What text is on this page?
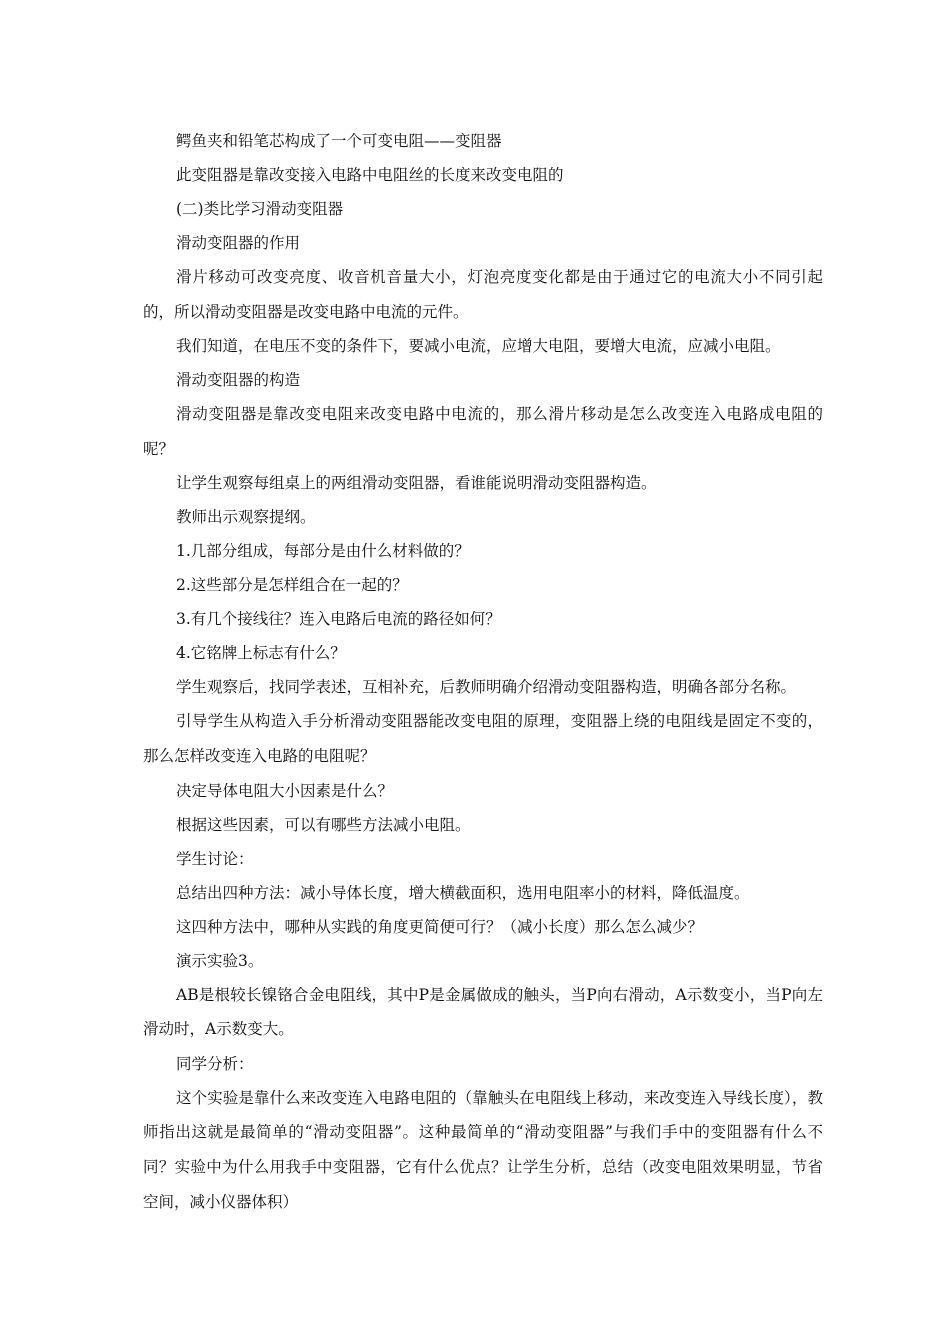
鳄鱼夹和铅笔芯构成了一个可变电阻——变阻器

此变阻器是靠改变接入电路中电阻丝的长度来改变电阻的

(二)类比学习滑动变阻器

滑动变阻器的作用

滑片移动可改变亮度、收音机音量大小，灯泡亮度变化都是由于通过它的电流大小不同引起的，所以滑动变阻器是改变电路中电流的元件。

我们知道，在电压不变的条件下，要减小电流，应增大电阻，要增大电流，应减小电阻。

滑动变阻器的构造

滑动变阻器是靠改变电阻来改变电路中电流的，那么滑片移动是怎么改变连入电路成电阻的呢？

让学生观察每组桌上的两组滑动变阻器，看谁能说明滑动变阻器构造。

教师出示观察提纲。

1.几部分组成，每部分是由什么材料做的？

2.这些部分是怎样组合在一起的？

3.有几个接线往？连入电路后电流的路径如何？

4.它铭牌上标志有什么？

学生观察后，找同学表述，互相补充，后教师明确介绍滑动变阻器构造，明确各部分名称。

引导学生从构造入手分析滑动变阻器能改变电阻的原理，变阻器上绕的电阻线是固定不变的，那么怎样改变连入电路的电阻呢？

决定导体电阻大小因素是什么？

根据这些因素，可以有哪些方法减小电阻。

学生讨论：

总结出四种方法：减小导体长度，增大横截面积，选用电阻率小的材料，降低温度。

这四种方法中，哪种从实践的角度更简便可行？（减小长度）那么怎么减少？

演示实验3。

AB是根较长镍铬合金电阻线，其中P是金属做成的触头，当P向右滑动，A示数变小，当P向左滑动时，A示数变大。

同学分析：

这个实验是靠什么来改变连入电路电阻的（靠触头在电阻线上移动，来改变连入导线长度），教师指出这就是最简单的“滑动变阻器”。这种最简单的“滑动变阻器”与我们手中的变阻器有什么不同？实验中为什么用我手中变阻器，它有什么优点？让学生分析，总结（改变电阻效果明显，节省空间，减小仪器体积）
